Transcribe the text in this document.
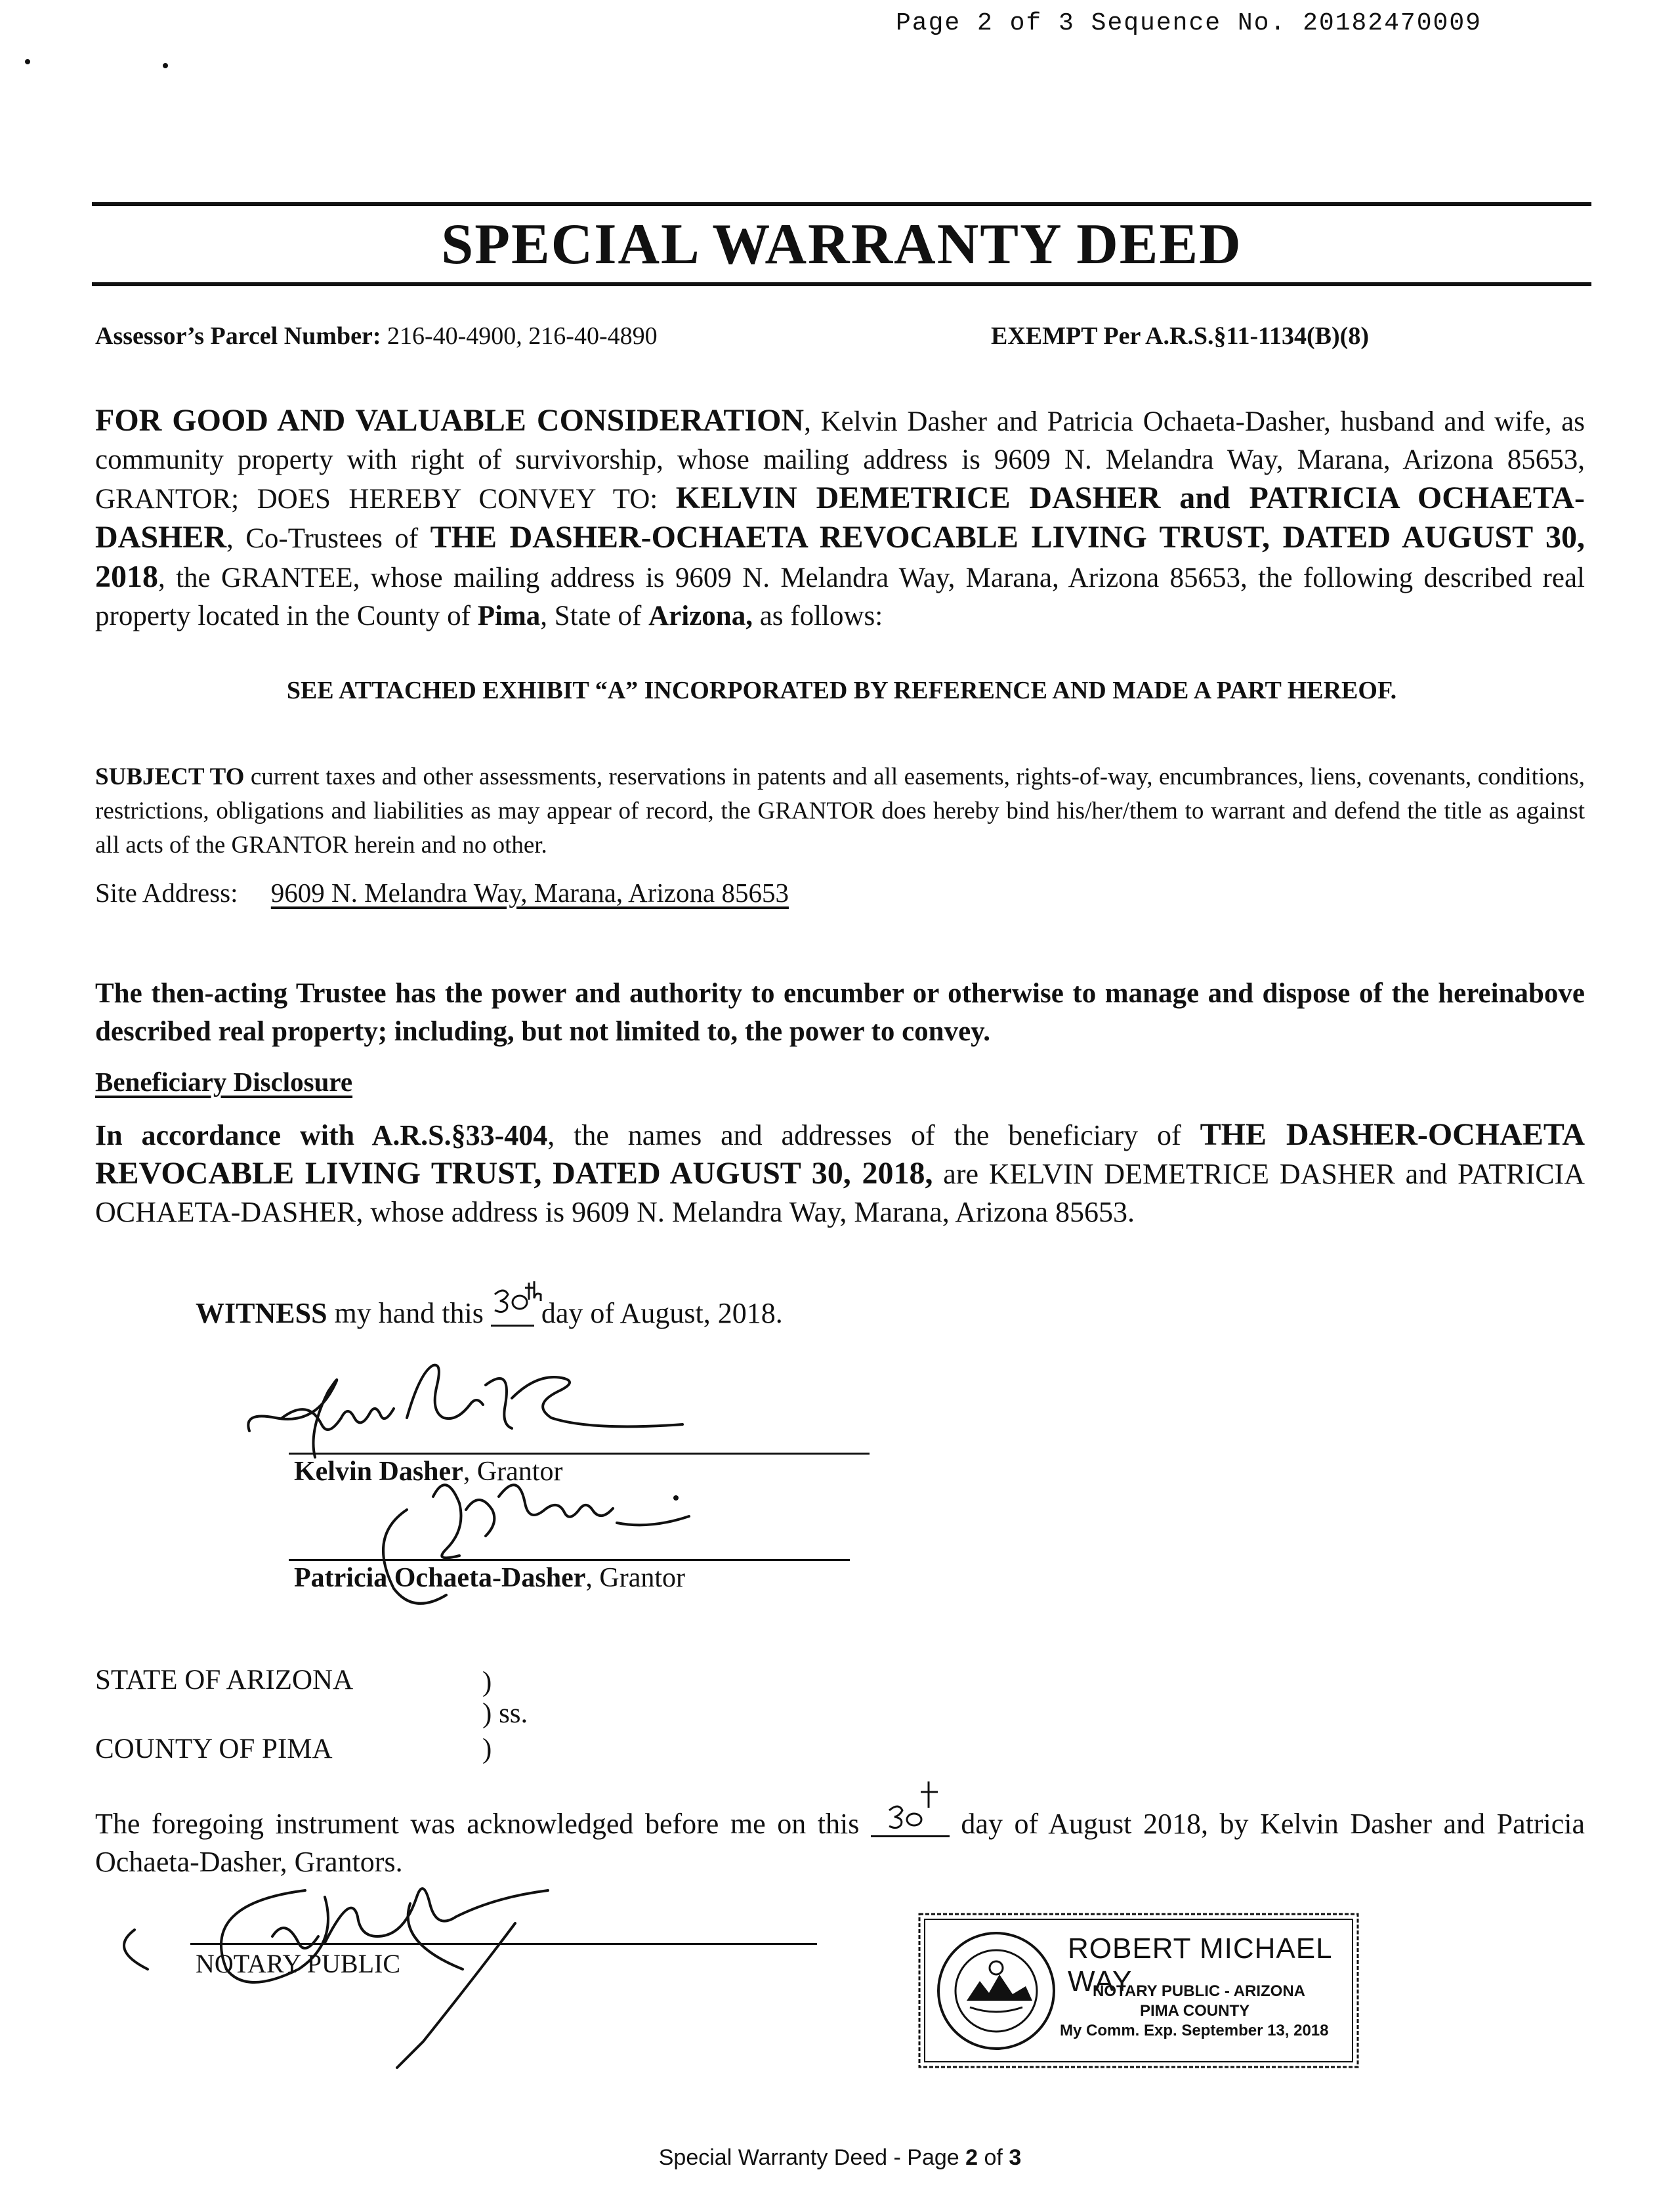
Page 2 of 3 Sequence No. 20182470009
SPECIAL WARRANTY DEED
Assessor’s Parcel Number: 216-40-4900, 216-40-4890	EXEMPT Per A.R.S.§11-1134(B)(8)
FOR GOOD AND VALUABLE CONSIDERATION, Kelvin Dasher and Patricia Ochaeta-Dasher, husband and wife, as community property with right of survivorship, whose mailing address is 9609 N. Melandra Way, Marana, Arizona 85653, GRANTOR; DOES HEREBY CONVEY TO: KELVIN DEMETRICE DASHER and PATRICIA OCHAETA-DASHER, Co-Trustees of THE DASHER-OCHAETA REVOCABLE LIVING TRUST, DATED AUGUST 30, 2018, the GRANTEE, whose mailing address is 9609 N. Melandra Way, Marana, Arizona 85653, the following described real property located in the County of Pima, State of Arizona, as follows:
SEE ATTACHED EXHIBIT “A” INCORPORATED BY REFERENCE AND MADE A PART HEREOF.
SUBJECT TO current taxes and other assessments, reservations in patents and all easements, rights-of-way, encumbrances, liens, covenants, conditions, restrictions, obligations and liabilities as may appear of record, the GRANTOR does hereby bind his/her/them to warrant and defend the title as against all acts of the GRANTOR herein and no other.
Site Address: 9609 N. Melandra Way, Marana, Arizona 85653
The then-acting Trustee has the power and authority to encumber or otherwise to manage and dispose of the hereinabove described real property; including, but not limited to, the power to convey.
Beneficiary Disclosure
In accordance with A.R.S.§33-404, the names and addresses of the beneficiary of THE DASHER-OCHAETA REVOCABLE LIVING TRUST, DATED AUGUST 30, 2018, are KELVIN DEMETRICE DASHER and PATRICIA OCHAETA-DASHER, whose address is 9609 N. Melandra Way, Marana, Arizona 85653.
WITNESS my hand this
day of August, 2018.
Kelvin Dasher, Grantor
Patricia Ochaeta-Dasher, Grantor
STATE OF ARIZONA	)
) ss.
COUNTY OF PIMA	)
The foregoing instrument was acknowledged before me on this	day of August 2018, by Kelvin Dasher and Patricia Ochaeta-Dasher, Grantors.
NOTARY PUBLIC	ROBERT MICHAEL WAY
NOTARY PUBLIC - ARIZONA
PIMA COUNTY
My Comm. Exp. September 13, 2018
Special Warranty Deed - Page 2 of 3
